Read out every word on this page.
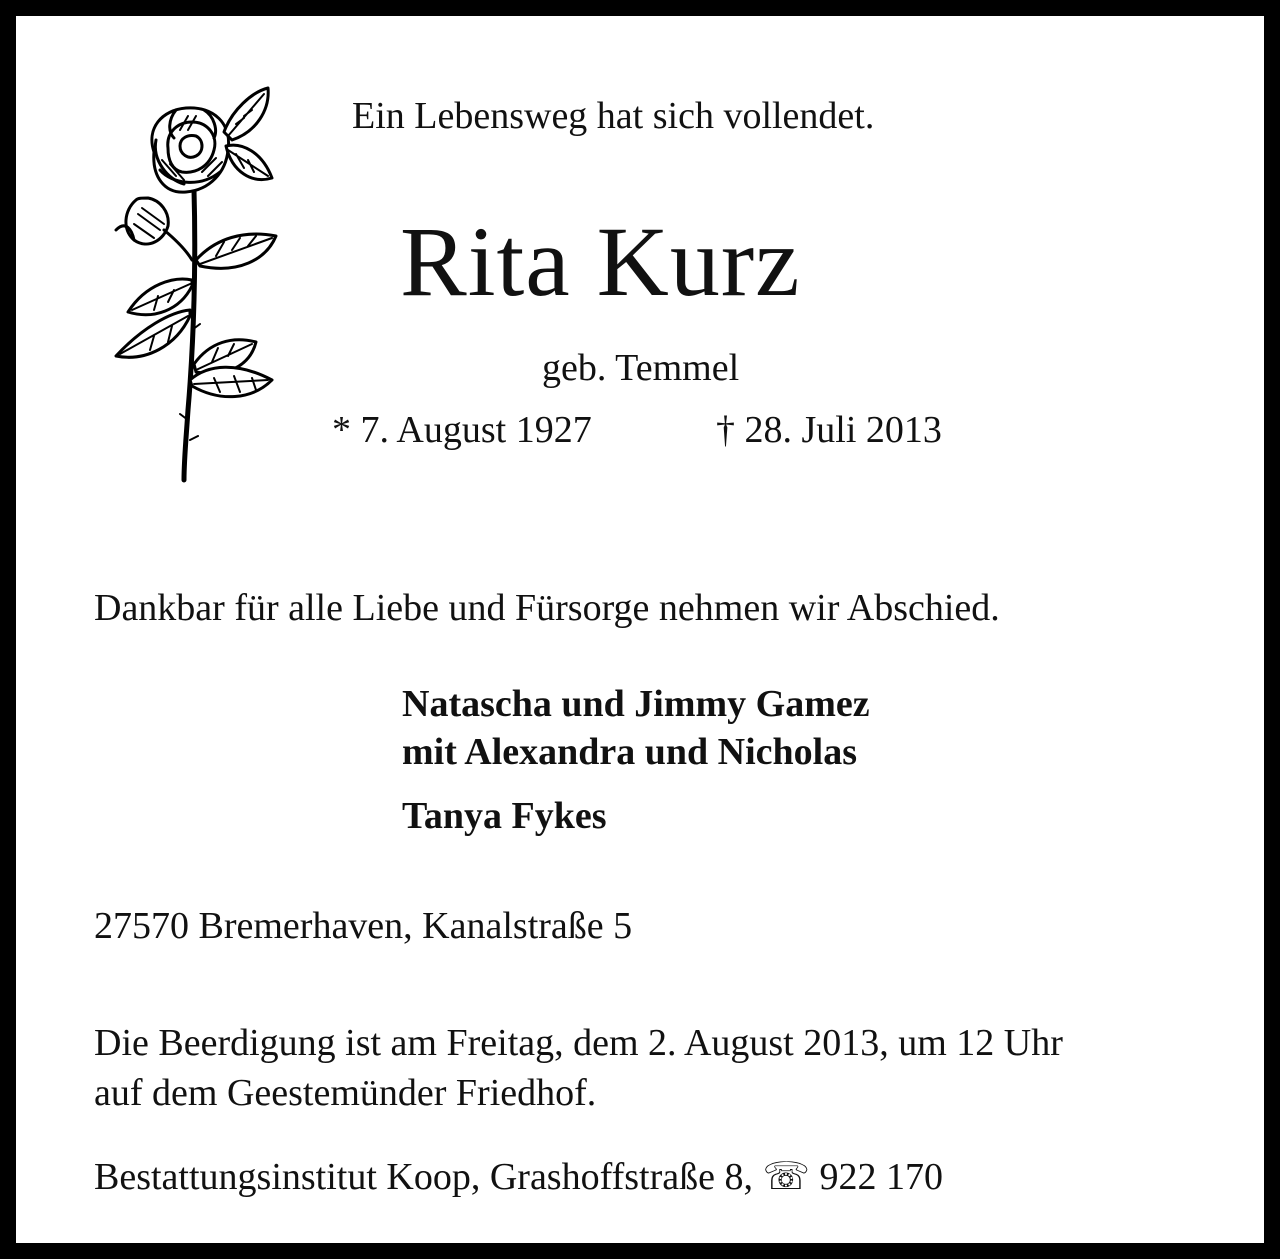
Ein Lebensweg hat sich vollendet.
Rita Kurz
geb. Temmel
* 7. August 1927	† 28. Juli 2013
Dankbar für alle Liebe und Fürsorge nehmen wir Abschied.
Natascha und Jimmy Gamez
mit Alexandra und Nicholas
Tanya Fykes
27570 Bremerhaven, Kanalstraße 5
Die Beerdigung ist am Freitag, dem 2. August 2013, um 12 Uhr
auf dem Geestemünder Friedhof.
Bestattungsinstitut Koop, Grashoffstraße 8, ☏ 922 170
